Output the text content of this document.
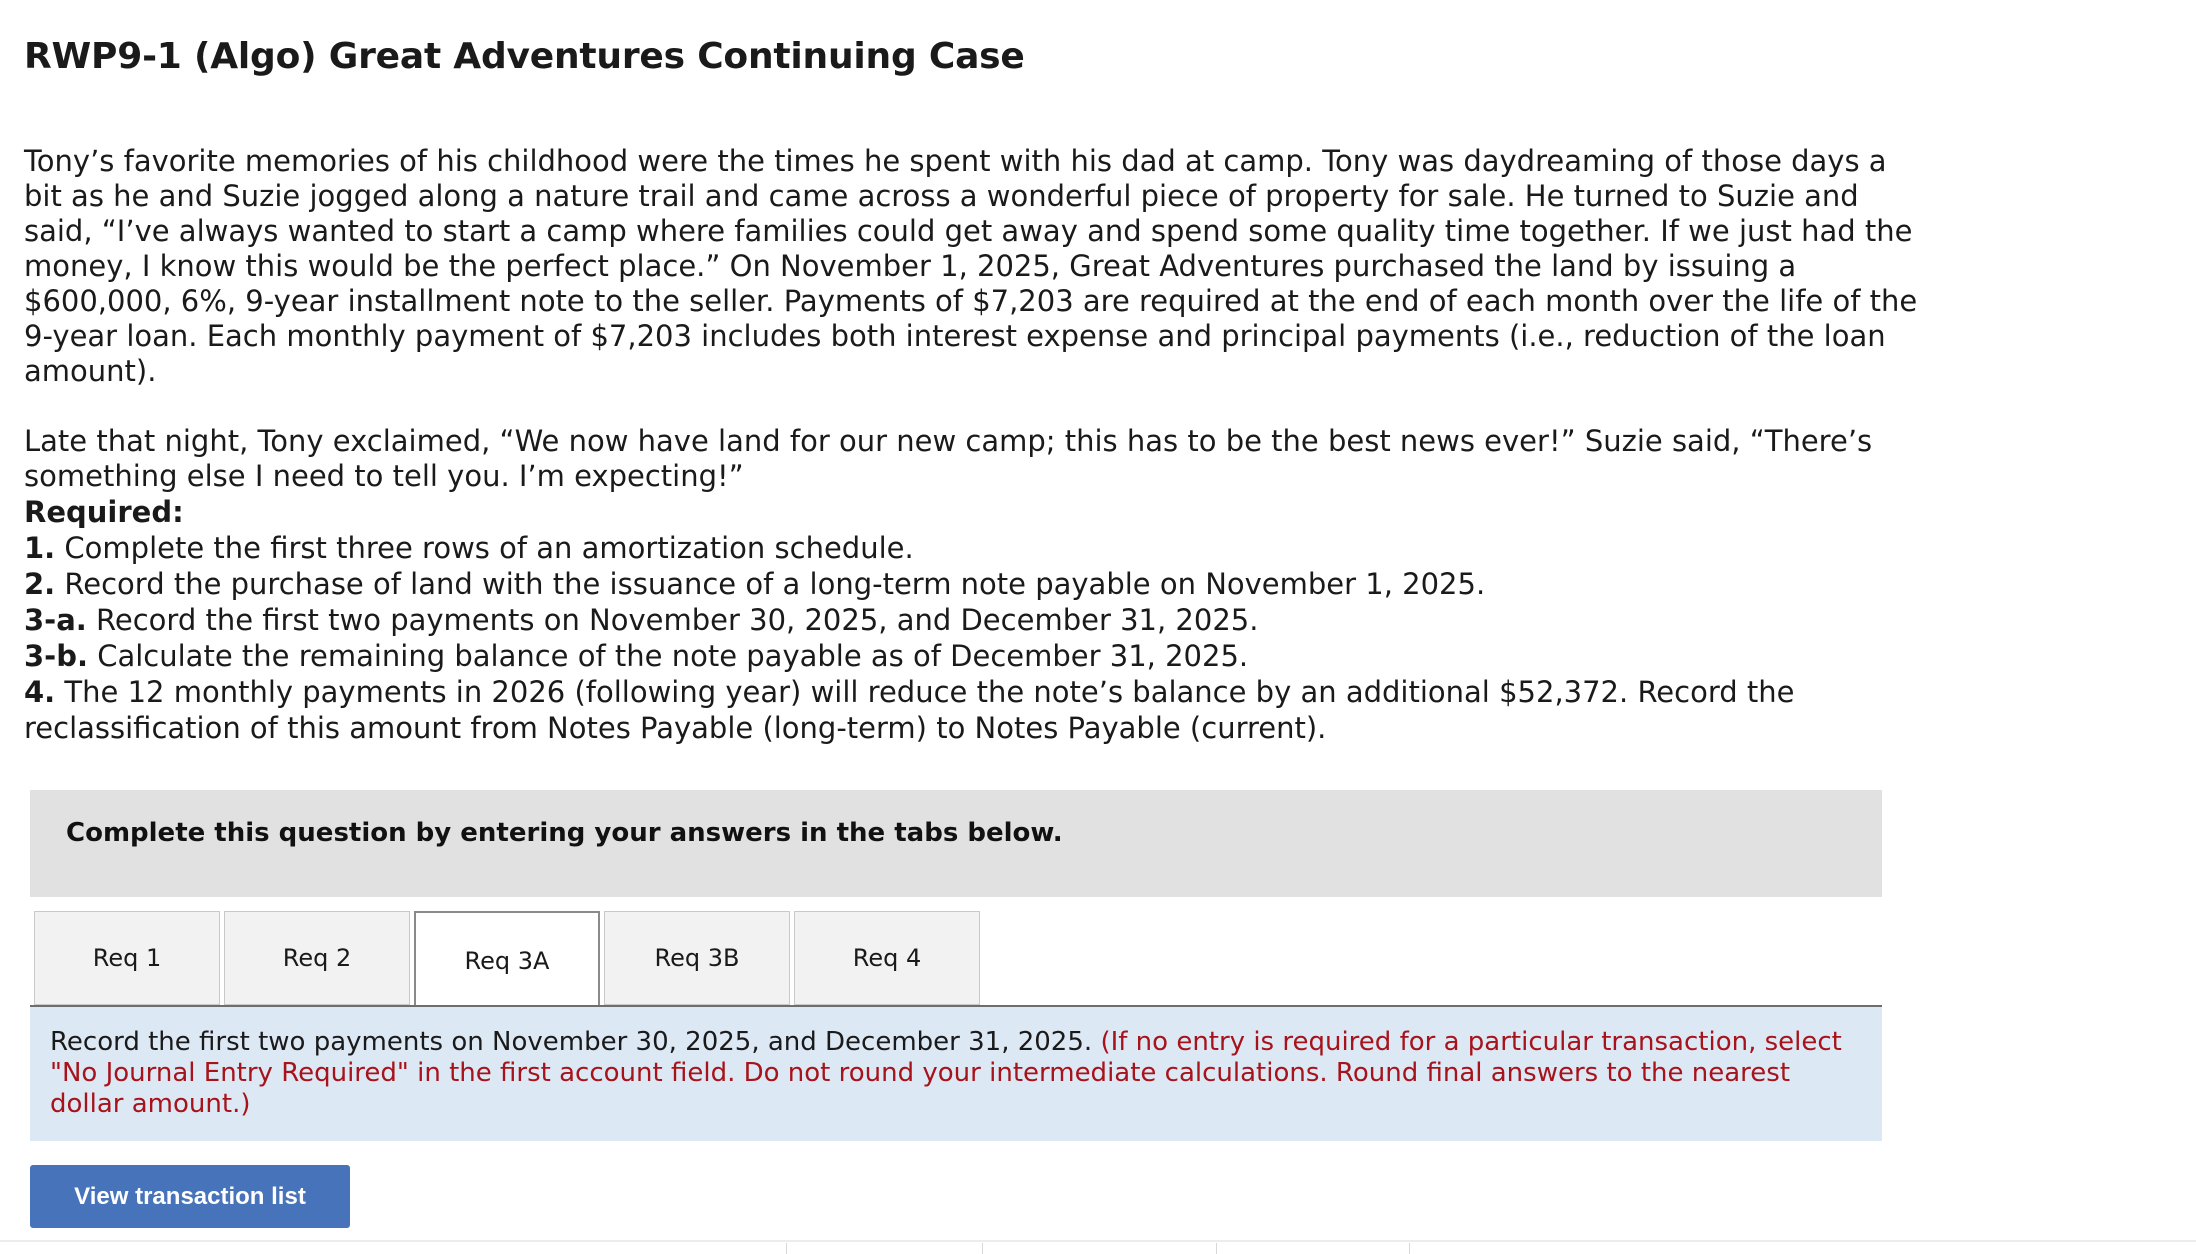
RWP9-1 (Algo) Great Adventures Continuing Case

Tony’s favorite memories of his childhood were the times he spent with his dad at camp. Tony was daydreaming of those days a bit as he and Suzie jogged along a nature trail and came across a wonderful piece of property for sale. He turned to Suzie and said, “I’ve always wanted to start a camp where families could get away and spend some quality time together. If we just had the money, I know this would be the perfect place.” On November 1, 2025, Great Adventures purchased the land by issuing a $600,000, 6%, 9-year installment note to the seller. Payments of $7,203 are required at the end of each month over the life of the 9-year loan. Each monthly payment of $7,203 includes both interest expense and principal payments (i.e., reduction of the loan amount).

Late that night, Tony exclaimed, “We now have land for our new camp; this has to be the best news ever!” Suzie said, “There’s something else I need to tell you. I’m expecting!”

Required:
1. Complete the first three rows of an amortization schedule.
2. Record the purchase of land with the issuance of a long-term note payable on November 1, 2025.
3-a. Record the first two payments on November 30, 2025, and December 31, 2025.
3-b. Calculate the remaining balance of the note payable as of December 31, 2025.
4. The 12 monthly payments in 2026 (following year) will reduce the note’s balance by an additional $52,372. Record the reclassification of this amount from Notes Payable (long-term) to Notes Payable (current).
Complete this question by entering your answers in the tabs below.
Req 1	Req 2	Req 3A	Req 3B	Req 4
Record the first two payments on November 30, 2025, and December 31, 2025. (If no entry is required for a particular transaction, select "No Journal Entry Required" in the first account field. Do not round your intermediate calculations. Round final answers to the nearest dollar amount.)
View transaction list
